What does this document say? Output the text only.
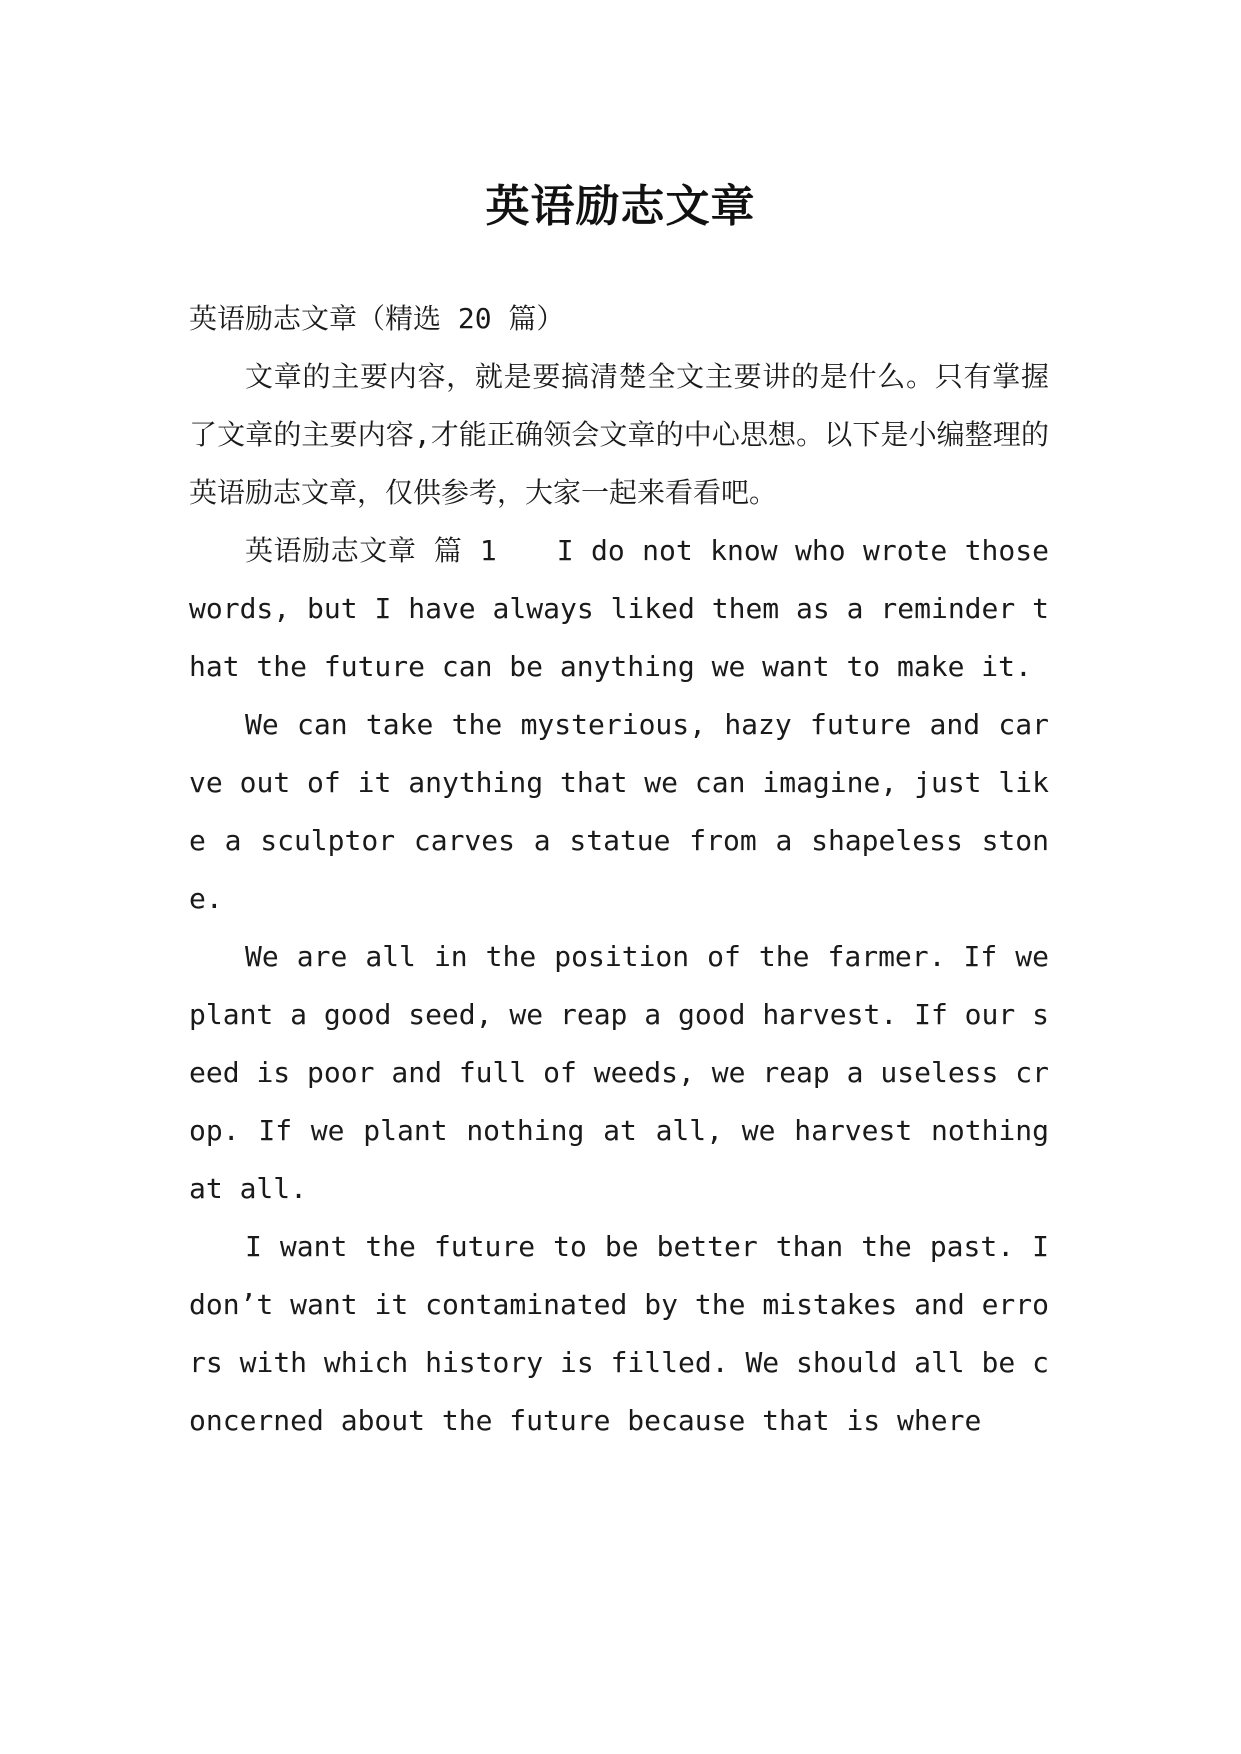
英语励志文章

英语励志文章（精选 20 篇）

文章的主要内容，就是要搞清楚全文主要讲的是什么。只有掌握了文章的主要内容,才能正确领会文章的中心思想。以下是小编整理的英语励志文章，仅供参考，大家一起来看看吧。

英语励志文章 篇 1 I do not know who wrote those words, but I have always liked them as a reminder that the future can be anything we want to make it.

We can take the mysterious, hazy future and carve out of it anything that we can imagine, just like a sculptor carves a statue from a shapeless stone.

We are all in the position of the farmer. If we plant a good seed, we reap a good harvest. If our seed is poor and full of weeds, we reap a useless crop. If we plant nothing at all, we harvest nothing at all.

I want the future to be better than the past. I don’t want it contaminated by the mistakes and errors with which history is filled. We should all be concerned about the future because that is where
